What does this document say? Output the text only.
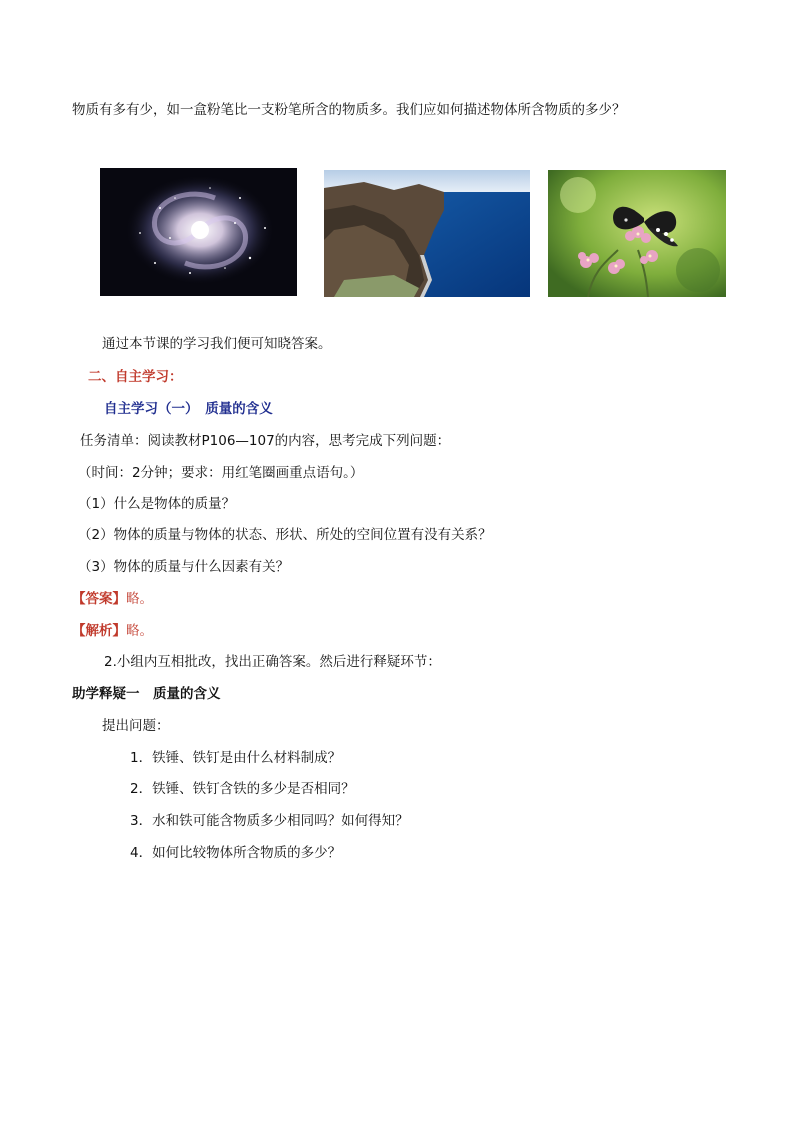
物质有多有少，如一盒粉笔比一支粉笔所含的物质多。我们应如何描述物体所含物质的多少？
通过本节课的学习我们便可知晓答案。
二、自主学习：
自主学习（一）　质量的含义
任务清单：阅读教材P106—107的内容，思考完成下列问题：
（时间：2分钟；要求：用红笔圈画重点语句。）
（1）什么是物体的质量？
（2）物体的质量与物体的状态、形状、所处的空间位置有没有关系？
（3）物体的质量与什么因素有关？
【答案】略。
【解析】略。
2.小组内互相批改，找出正确答案。然后进行释疑环节：
助学释疑一　质量的含义
提出问题：
1．铁锤、铁钉是由什么材料制成？
2．铁锤、铁钉含铁的多少是否相同？
3．水和铁可能含物质多少相同吗？如何得知？
4．如何比较物体所含物质的多少？
